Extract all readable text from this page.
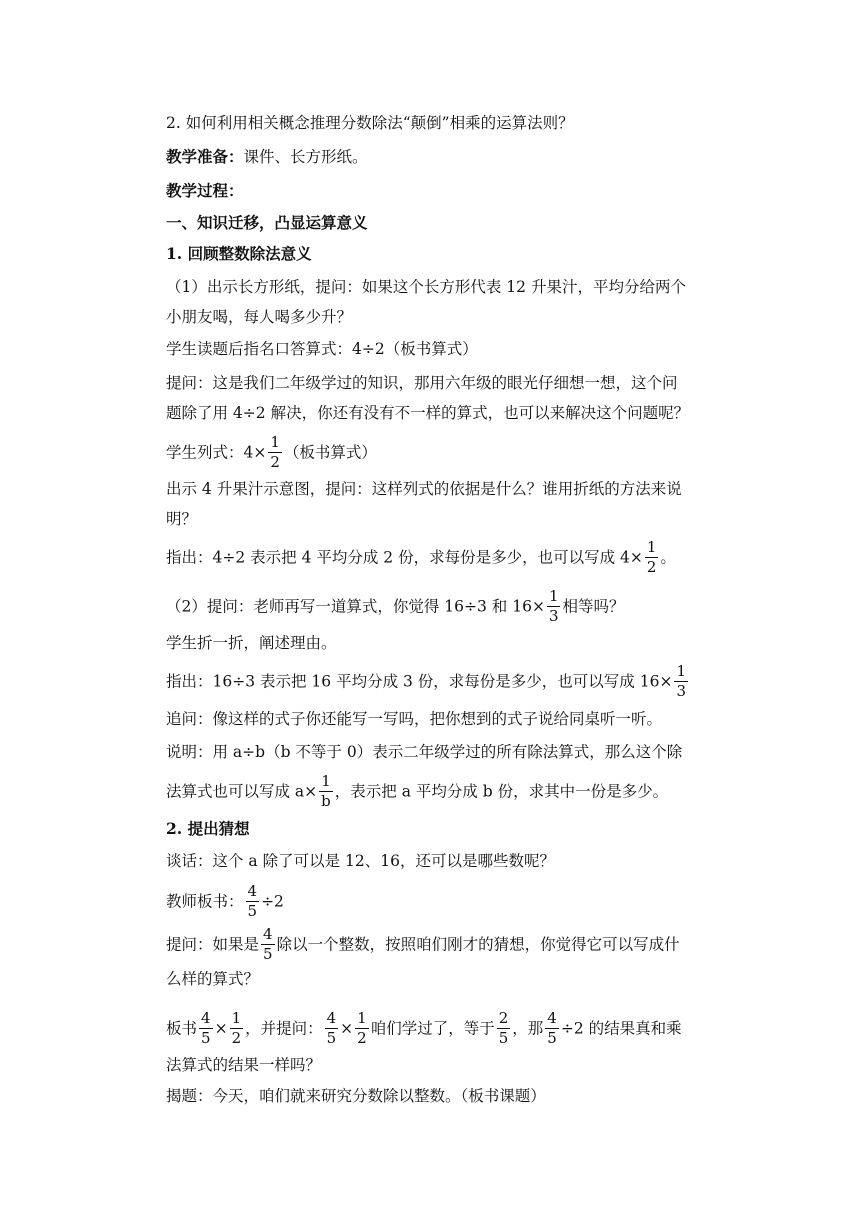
2. 如何利用相关概念推理分数除法“颠倒”相乘的运算法则？
教学准备：课件、长方形纸。
教学过程：
一、知识迁移，凸显运算意义
1. 回顾整数除法意义
（1）出示长方形纸，提问：如果这个长方形代表 12 升果汁，平均分给两个
小朋友喝，每人喝多少升？
学生读题后指名口答算式：4÷2（板书算式）
提问：这是我们二年级学过的知识，那用六年级的眼光仔细想一想，这个问
题除了用 4÷2 解决，你还有没有不一样的算式，也可以来解决这个问题呢？
学生列式：$4\times \frac{1}{2}$ （板书算式）
出示 4 升果汁示意图，提问：这样列式的依据是什么？谁用折纸的方法来说
明？
指出：4÷2 表示把 4 平均分成 2 份，求每份是多少，也可以写成 $4\times \frac{1}{2}$ 。
（2）提问：老师再写一道算式，你觉得 16÷3 和 $16\times \frac{1}{3}$ 相等吗？
学生折一折，阐述理由。
指出：16÷3 表示把 16 平均分成 3 份，求每份是多少，也可以写成 $16\times \frac{1}{3}$
追问：像这样的式子你还能写一写吗，把你想到的式子说给同桌听一听。
说明：用 a÷b（b 不等于 0）表示二年级学过的所有除法算式，那么这个除
法算式也可以写成 $a\times \frac{1}{b}$ ，表示把 a 平均分成 b 份，求其中一份是多少。
2. 提出猜想
谈话：这个 a 除了可以是 12、16，还可以是哪些数呢？
教师板书： $\frac{4}{5} \div 2$
提问：如果是 $\frac{4}{5}$ 除以一个整数，按照咱们刚才的猜想，你觉得它可以写成什
么样的算式？
板书 $\frac{4}{5} \times \frac{1}{2}$ ，并提问： $\frac{4}{5} \times \frac{1}{2}$ 咱们学过了，等于 $\frac{2}{5}$ ，那 $\frac{4}{5} \div 2$ 的结果真和乘
法算式的结果一样吗？
揭题：今天，咱们就来研究分数除以整数。（板书课题）
